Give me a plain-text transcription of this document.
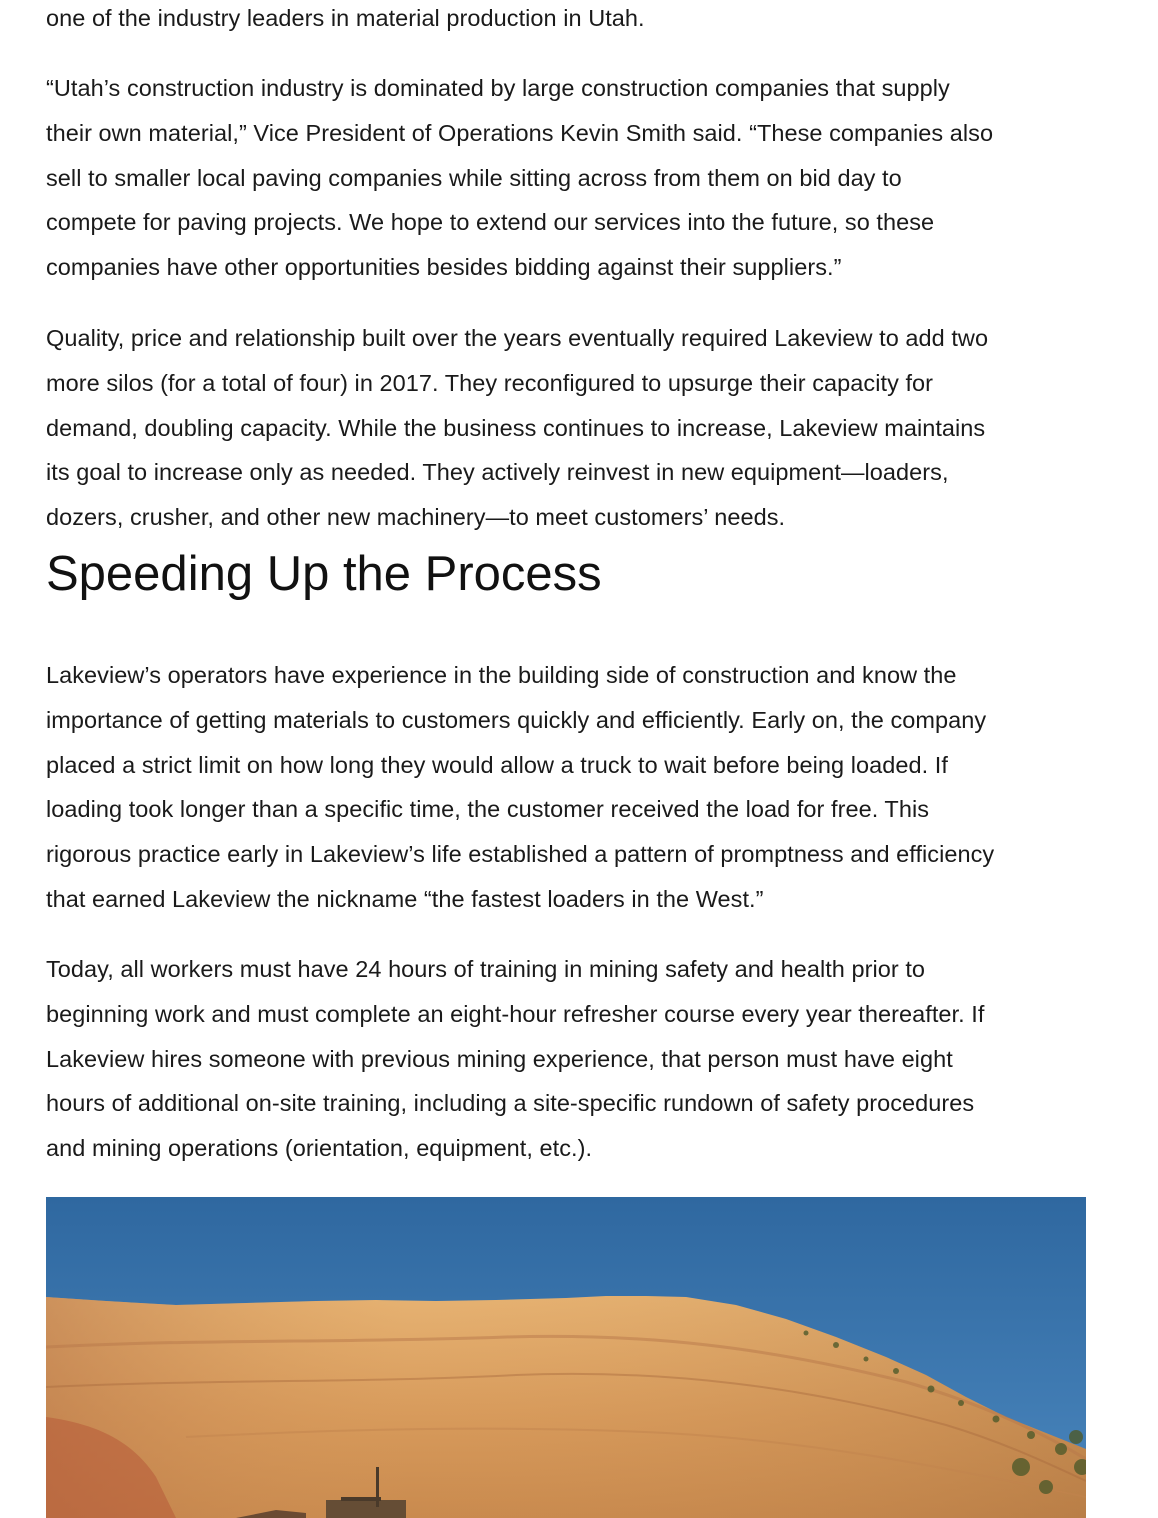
one of the industry leaders in material production in Utah.

“Utah’s construction industry is dominated by large construction companies that supply
their own material,” Vice President of Operations Kevin Smith said. “These companies also
sell to smaller local paving companies while sitting across from them on bid day to
compete for paving projects. We hope to extend our services into the future, so these
companies have other opportunities besides bidding against their suppliers.”

Quality, price and relationship built over the years eventually required Lakeview to add two
more silos (for a total of four) in 2017. They reconfigured to upsurge their capacity for
demand, doubling capacity. While the business continues to increase, Lakeview maintains
its goal to increase only as needed. They actively reinvest in new equipment—loaders,
dozers, crusher, and other new machinery—to meet customers’ needs.

Speeding Up the Process

Lakeview’s operators have experience in the building side of construction and know the
importance of getting materials to customers quickly and efficiently. Early on, the company
placed a strict limit on how long they would allow a truck to wait before being loaded. If
loading took longer than a specific time, the customer received the load for free. This
rigorous practice early in Lakeview’s life established a pattern of promptness and efficiency
that earned Lakeview the nickname “the fastest loaders in the West.”

Today, all workers must have 24 hours of training in mining safety and health prior to
beginning work and must complete an eight-hour refresher course every year thereafter. If
Lakeview hires someone with previous mining experience, that person must have eight
hours of additional on-site training, including a site-specific rundown of safety procedures
and mining operations (orientation, equipment, etc.).
